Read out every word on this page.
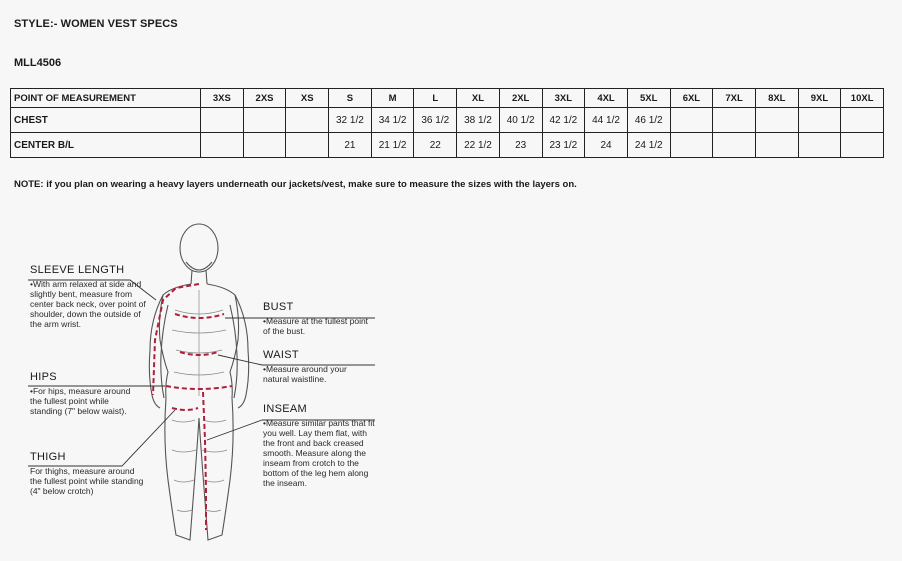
STYLE:- WOMEN VEST SPECS
MLL4506
POINT OF MEASUREMENT	3XS	2XS	XS	S	M	L	XL	2XL	3XL	4XL	5XL	6XL	7XL	8XL	9XL	10XL
CHEST				32 1/2	34 1/2	36 1/2	38 1/2	40 1/2	42 1/2	44 1/2	46 1/2					
CENTER B/L				21	21 1/2	22	22 1/2	23	23 1/2	24	24 1/2					
NOTE: if you plan on wearing a heavy layers underneath our jackets/vest, make sure to measure the sizes with the layers on.
SLEEVE LENGTH
• With arm relaxed at side and slightly bent, measure from center back neck, over point of shoulder, down the outside of the arm wrist.
HIPS
• For hips, measure around the fullest point while standing (7" below waist).
THIGH
For thighs, measure around the fullest point while standing (4" below crotch)
BUST
• Measure at the fullest point of the bust.
WAIST
• Measure around your natural waistline.
INSEAM
• Measure similar pants that fit you well. Lay them flat, with the front and back creased smooth. Measure along the inseam from crotch to the bottom of the leg hem along the inseam.
